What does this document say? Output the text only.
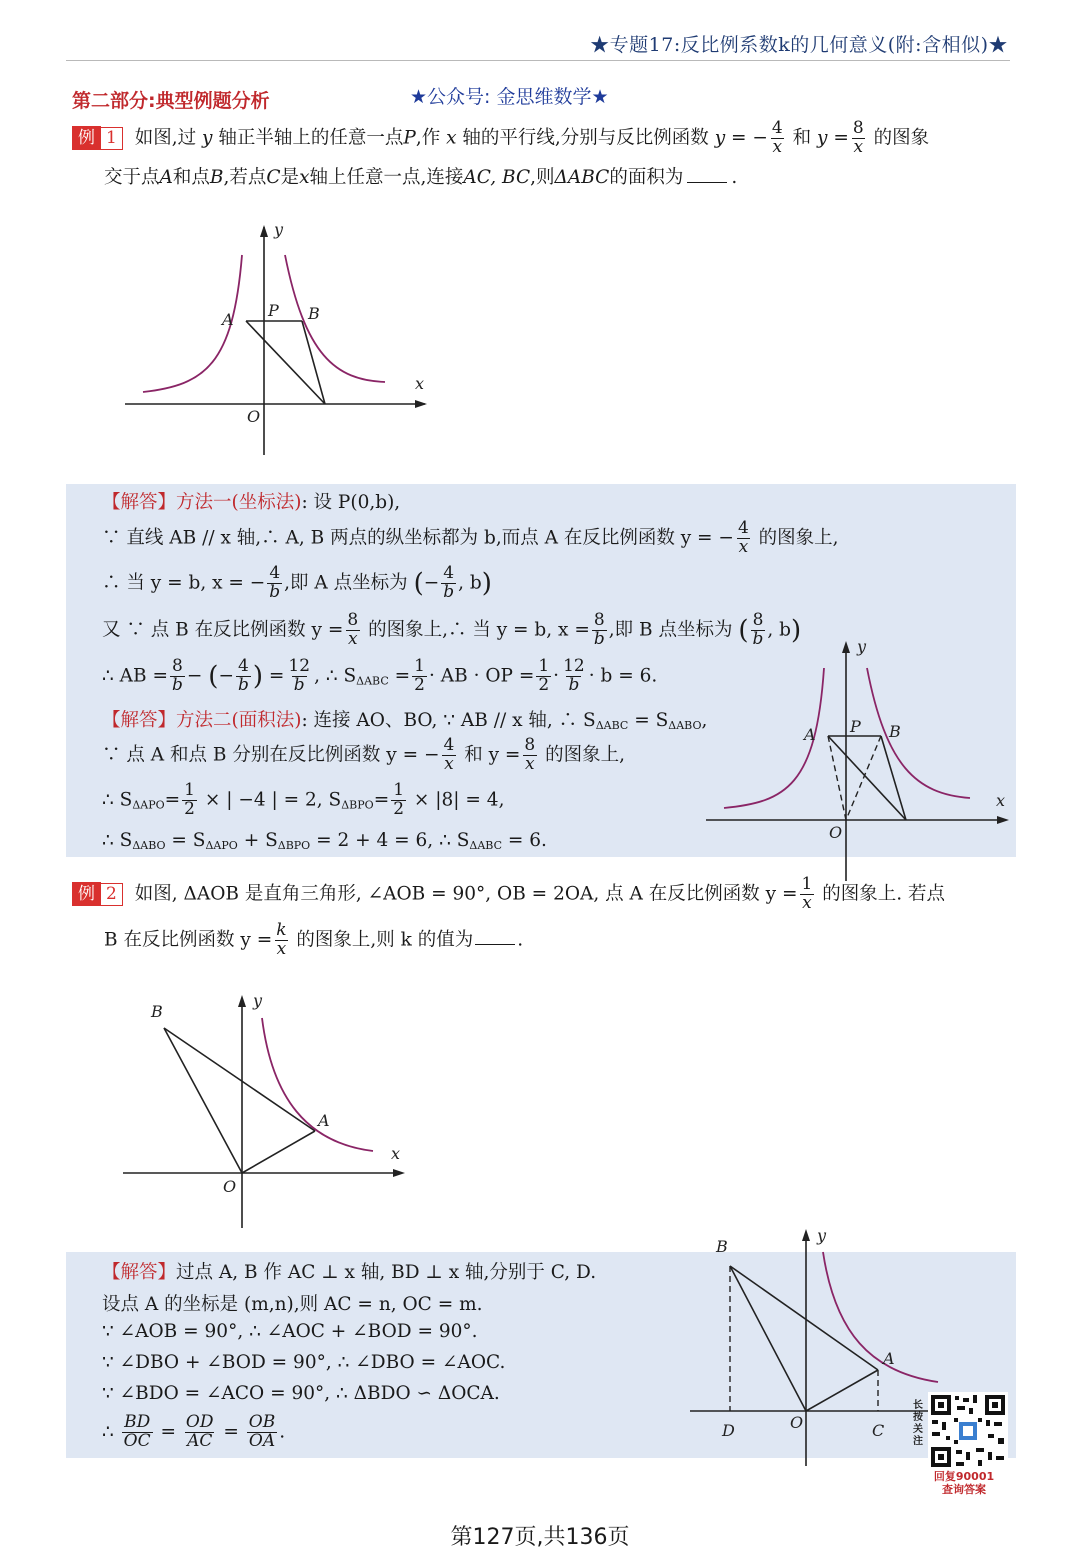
★专题17:反比例系数k的几何意义(附:含相似)★
第二部分:典型例题分析	★公众号: 金思维数学★
例 1 如图,过 y 轴正半轴上的任意一点P,作 x 轴的平行线,分别与反比例函数 y = − $\frac{4}{x}$ 和 $y = \frac{8}{x}$ 的图象
交于点A和点B,若点C是x轴上任意一点,连接AC, BC,则ΔABC的面积为	.
A P B
O
y
x
【解答】方法一(坐标法): 设 P(0,b),
∵ 直线 AB // x 轴,∴ A, B 两点的纵坐标都为 b,而点 A 在反比例函数 y = − $\frac{4}{x}$ 的图象上,
∴ 当 y = b, x = − $\frac{4}{b}$ ,即 A 点坐标为 (− $\frac{4}{b}$ , b)
又 ∵ 点 B 在反比例函数 $y = \frac{8}{x}$ 的图象上,∴ 当 y = b, $x = \frac{8}{b}$ ,即 B 点坐标为 ( $\frac{8}{b}$ , b)
∴ AB = $\frac{8}{b}$ − (− $\frac{4}{b}$ ) = $\frac{12}{b}$ , ∴ $S_{\Delta ABC} = \frac{1}{2}$ · AB · OP = $\frac{1}{2} \cdot \frac{12}{b} \cdot b = 6$.
【解答】方法二(面积法): 连接 AO、BO, ∵ AB // x 轴, ∴ $S_{\Delta ABC} = S_{\Delta ABO}$,
∵ 点 A 和点 B 分别在反比例函数 y = − $\frac{4}{x}$ 和 $y = \frac{8}{x}$ 的图象上,
∴ $S_{\Delta APO}= \frac{1}{2}$ × | −4 | = 2, $S_{\Delta BPO}= \frac{1}{2} \times |8| = 4$,
∴ $S_{\Delta ABO} = S_{\Delta APO} + S_{\Delta BPO} = 2 + 4 = 6$, ∴ $S_{\Delta ABC} = 6$.
A P B
O
y
x
例 2 如图, ΔAOB 是直角三角形, ∠AOB = 90°, OB = 2OA, 点 A 在反比例函数 $y = \frac{1}{x}$ 的图象上. 若点
B 在反比例函数 $y = \frac{k}{x}$ 的图象上,则 k 的值为 .
B
A
O
y
x
【解答】过点 A, B 作 AC ⊥ x 轴, BD ⊥ x 轴,分别于 C, D.
设点 A 的坐标是 (m,n),则 AC = n, OC = m.
∵ ∠AOB = 90°, ∴ ∠AOC + ∠BOD = 90°.
∵ ∠DBO + ∠BOD = 90°, ∴ ∠DBO = ∠AOC.
∵ ∠BDO = ∠ACO = 90°, ∴ ΔBDO ∽ ΔOCA.
∴ $\frac{BD}{OC} = \frac{OD}{AC} = \frac{OB}{OA}$ .
B
A
O
D	C
y
长按关注
回复90001
查询答案
第127页,共136页
